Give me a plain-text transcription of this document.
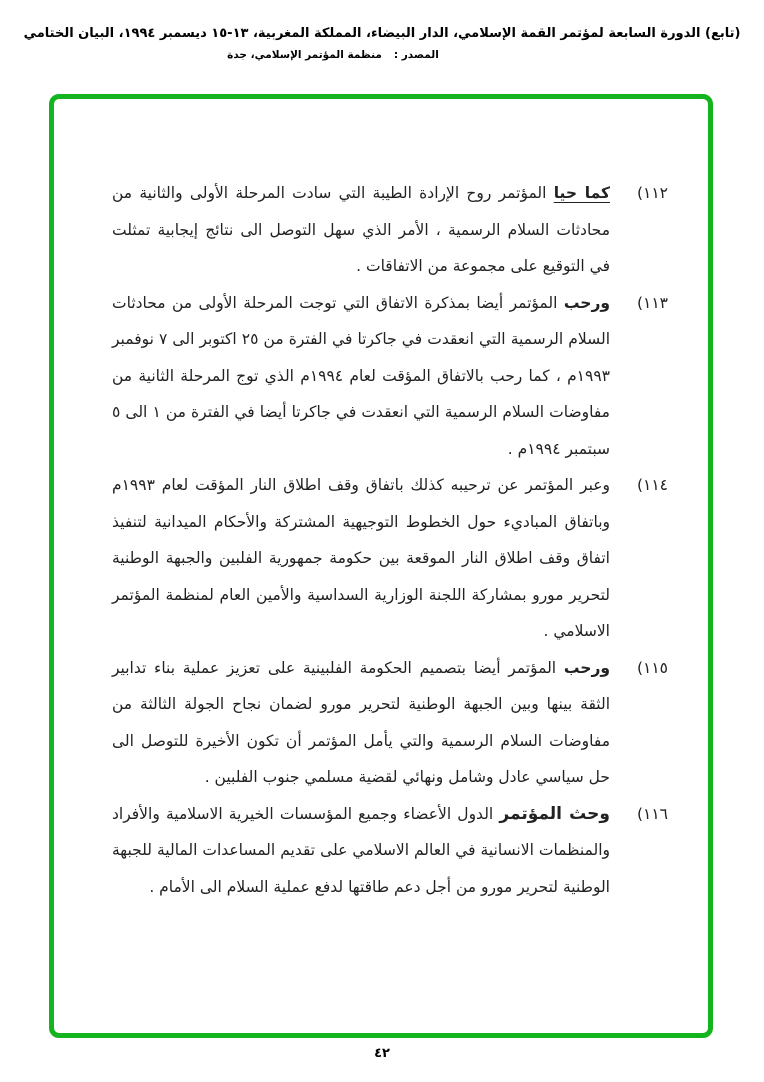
(تابع) الدورة السابعة لمؤتمر القمة الإسلامي، الدار البيضاء، المملكة المغربية، ١٣-١٥ ديسمبر ١٩٩٤، البيان الختامي
المصدر :منظمة المؤتمر الإسلامي، جدة
١١٢)
كما حيا المؤتمر روح الإرادة الطيبة التي سادت المرحلة الأولى والثانية من محادثات السلام الرسمية ، الأمر الذي سهل التوصل الى نتائج إيجابية تمثلت في التوقيع على مجموعة من الاتفاقات .
١١٣)
ورحب المؤتمر أيضا بمذكرة الاتفاق التي توجت المرحلة الأولى من محادثات السلام الرسمية التي انعقدت في جاكرتا في الفترة من ٢٥ اكتوبر الى ٧ نوفمبر ١٩٩٣م ، كما رحب بالاتفاق المؤقت لعام ١٩٩٤م الذي توج المرحلة الثانية من مفاوضات السلام الرسمية التي انعقدت في جاكرتا أيضا في الفترة من ١ الى ٥ سبتمبر ١٩٩٤م .
١١٤)
وعبر المؤتمر عن ترحيبه كذلك باتفاق وقف اطلاق النار المؤقت لعام ١٩٩٣م وباتفاق المباديء حول الخطوط التوجيهية المشتركة والأحكام الميدانية لتنفيذ اتفاق وقف اطلاق النار الموقعة بين حكومة جمهورية الفلبين والجبهة الوطنية لتحرير مورو بمشاركة اللجنة الوزارية السداسية والأمين العام لمنظمة المؤتمر الاسلامي .
١١٥)
ورحب المؤتمر أيضا بتصميم الحكومة الفلبينية على تعزيز عملية بناء تدابير الثقة بينها وبين الجبهة الوطنية لتحرير مورو لضمان نجاح الجولة الثالثة من مفاوضات السلام الرسمية والتي يأمل المؤتمر أن تكون الأخيرة للتوصل الى حل سياسي عادل وشامل ونهائي لقضية مسلمي جنوب الفلبين .
١١٦)
وحث المؤتمر الدول الأعضاء وجميع المؤسسات الخيرية الاسلامية والأفراد والمنظمات الانسانية في العالم الاسلامي على تقديم المساعدات المالية للجبهة الوطنية لتحرير مورو من أجل دعم طاقتها لدفع عملية السلام الى الأمام .
٤٢
